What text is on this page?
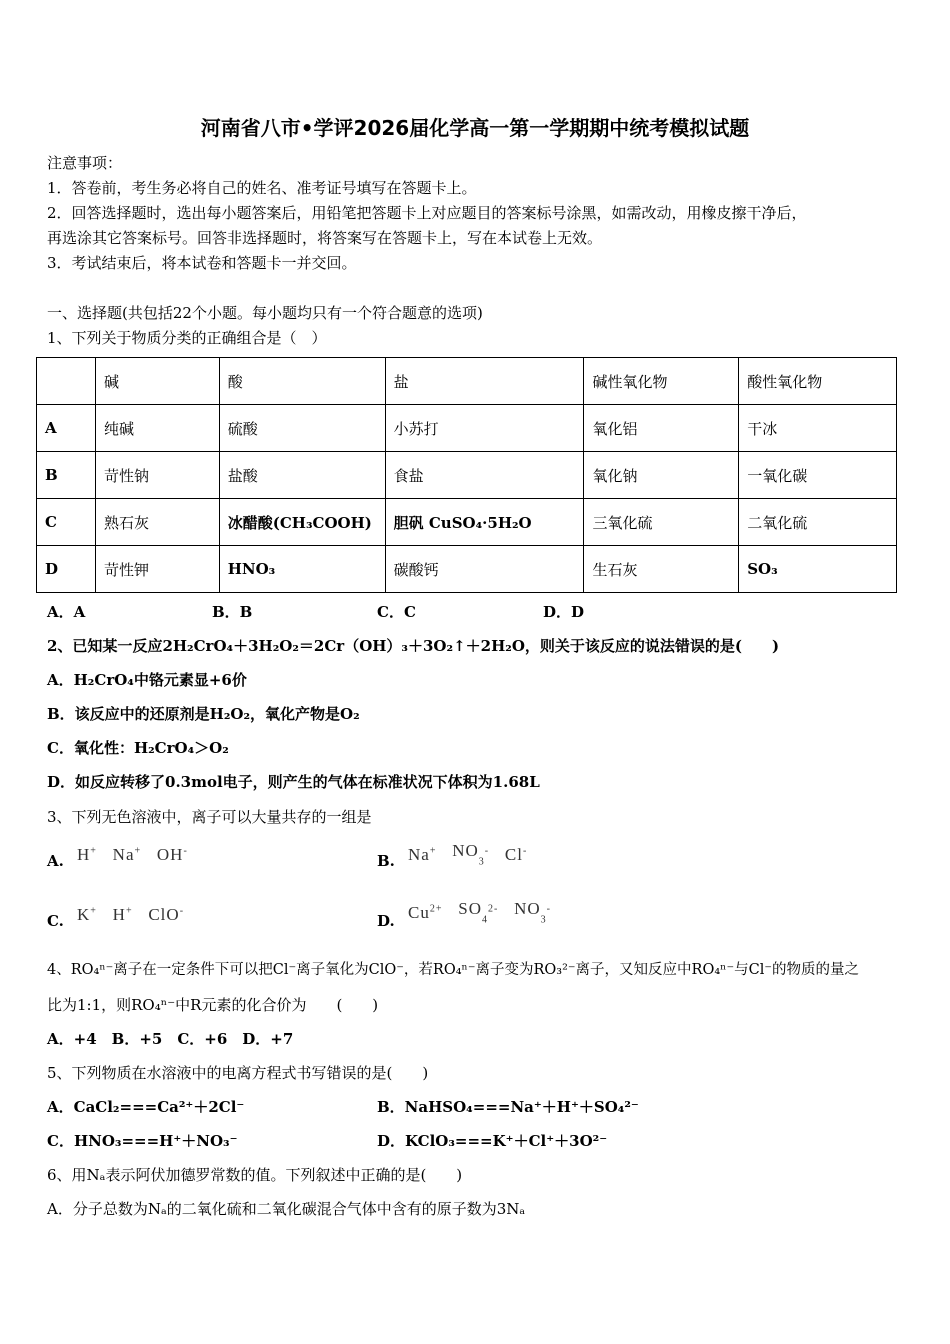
河南省八市•学评2026届化学高一第一学期期中统考模拟试题
注意事项：
1．答卷前，考生务必将自己的姓名、准考证号填写在答题卡上。
2．回答选择题时，选出每小题答案后，用铅笔把答题卡上对应题目的答案标号涂黑，如需改动，用橡皮擦干净后，
再选涂其它答案标号。回答非选择题时，将答案写在答题卡上，写在本试卷上无效。
3．考试结束后，将本试卷和答题卡一并交回。
一、选择题(共包括22个小题。每小题均只有一个符合题意的选项)
1、下列关于物质分类的正确组合是（　）
	碱	酸	盐	碱性氧化物	酸性氧化物
A	纯碱	硫酸	小苏打	氧化铝	干冰
B	苛性钠	盐酸	食盐	氧化钠	一氧化碳
C	熟石灰	冰醋酸(CH₃COOH)	胆矾 CuSO₄·5H₂O	三氧化硫	二氧化硫
D	苛性钾	HNO₃	碳酸钙	生石灰	SO₃
A．A	B．B	C．C	D．D
2、已知某一反应2H₂CrO₄＋3H₂O₂＝2Cr（OH）₃＋3O₂↑＋2H₂O，则关于该反应的说法错误的是(　　)
A．H₂CrO₄中铬元素显+6价
B．该反应中的还原剂是H₂O₂，氧化产物是O₂
C．氧化性：H₂CrO₄＞O₂
D．如反应转移了0.3mol电子，则产生的气体在标准状况下体积为1.68L
3、下列无色溶液中，离子可以大量共存的一组是
A. H+ Na+ OH-
B. Na+ $NO_3^-$ Cl-
C. K+ H+ ClO-
D. $Cu^{2+}$ $SO_4^{2-}$ $NO_3^-$
4、RO₄ⁿ⁻离子在一定条件下可以把Cl⁻离子氧化为ClO⁻，若RO₄ⁿ⁻离子变为RO₃²⁻离子，又知反应中RO₄ⁿ⁻与Cl⁻的物质的量之
比为1:1，则RO₄ⁿ⁻中R元素的化合价为　　(　　)
A．+4　B．+5　C．+6　D．+7
5、下列物质在水溶液中的电离方程式书写错误的是(　　)
A．CaCl₂===Ca²⁺＋2Cl⁻	B．NaHSO₄===Na⁺＋H⁺＋SO₄²⁻
C．HNO₃===H⁺＋NO₃⁻	D．KClO₃===K⁺＋Cl⁺＋3O²⁻
6、用Nₐ表示阿伏加德罗常数的值。下列叙述中正确的是(　　)
A．分子总数为Nₐ的二氧化硫和二氧化碳混合气体中含有的原子数为3Nₐ
